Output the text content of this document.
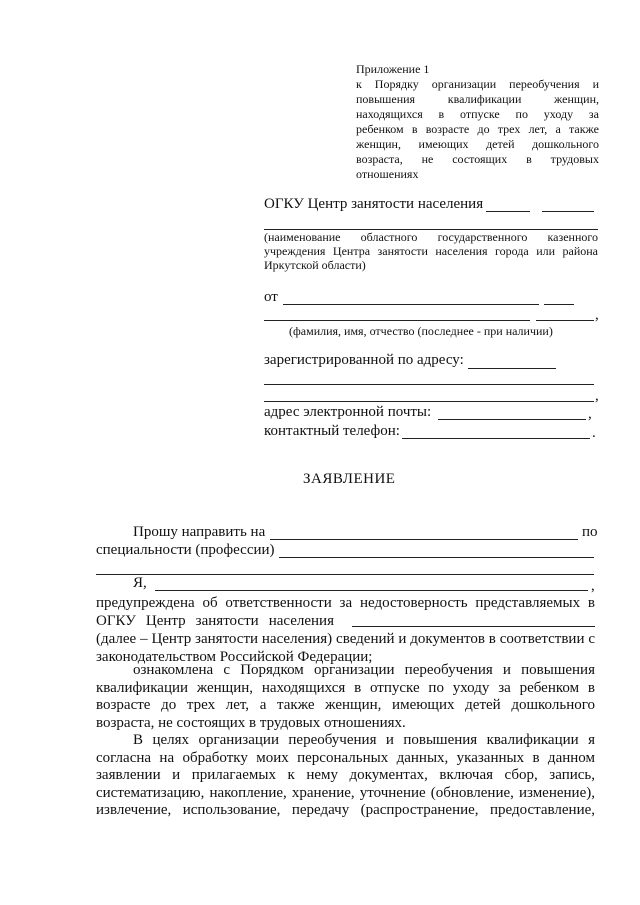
Приложение 1
к Порядку организации переобучения и
повышения квалификации женщин,
находящихся в отпуске по уходу за
ребенком в возрасте до трех лет, а также
женщин, имеющих детей дошкольного
возраста, не состоящих в трудовых
отношениях
ОГКУ Центр занятости населения
(наименование областного государственного казенного
учреждения Центра занятости населения города или района
Иркутской области)
от
,
(фамилия, имя, отчество (последнее - при наличии)
зарегистрированной по адресу:
,
адрес электронной почты:	,
контактный телефон:	.
ЗАЯВЛЕНИЕ
Прошу направить на	по
специальности (профессии)
Я,	,
предупреждена об ответственности за недостоверность представляемых в
ОГКУ Центр занятости населения
(далее – Центр занятости населения) сведений и документов в соответствии с
законодательством Российской Федерации;
ознакомлена с Порядком организации переобучения и повышения
квалификации женщин, находящихся в отпуске по уходу за ребенком в
возрасте до трех лет, а также женщин, имеющих детей дошкольного
возраста, не состоящих в трудовых отношениях.
В целях организации переобучения и повышения квалификации я
согласна на обработку моих персональных данных, указанных в данном
заявлении и прилагаемых к нему документах, включая сбор, запись,
систематизацию, накопление, хранение, уточнение (обновление, изменение),
извлечение, использование, передачу (распространение, предоставление,
